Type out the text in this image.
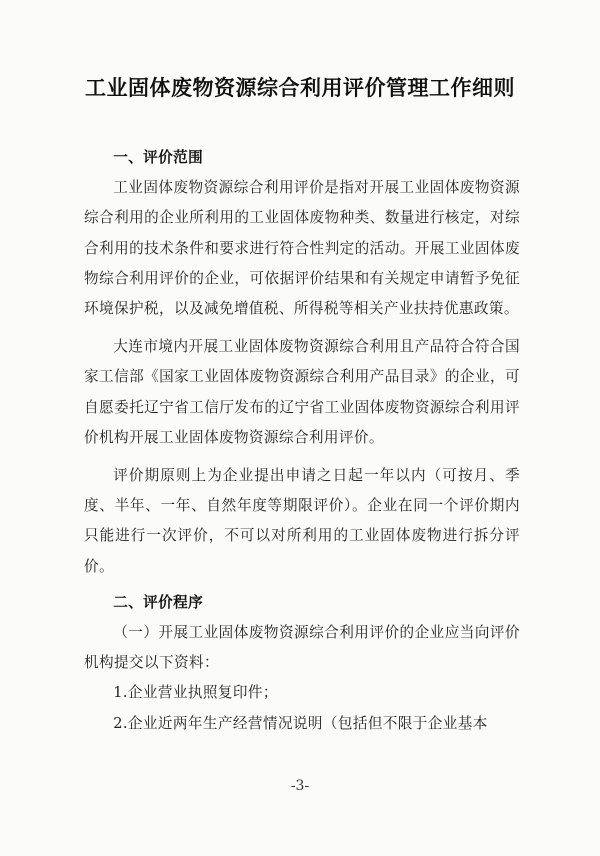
工业固体废物资源综合利用评价管理工作细则

一、评价范围

工业固体废物资源综合利用评价是指对开展工业固体废物资源综合利用的企业所利用的工业固体废物种类、数量进行核定，对综合利用的技术条件和要求进行符合性判定的活动。开展工业固体废物综合利用评价的企业，可依据评价结果和有关规定申请暂予免征环境保护税，以及减免增值税、所得税等相关产业扶持优惠政策。

大连市境内开展工业固体废物资源综合利用且产品符合符合国家工信部《国家工业固体废物资源综合利用产品目录》的企业，可自愿委托辽宁省工信厅发布的辽宁省工业固体废物资源综合利用评价机构开展工业固体废物资源综合利用评价。

评价期原则上为企业提出申请之日起一年以内（可按月、季度、半年、一年、自然年度等期限评价）。企业在同一个评价期内只能进行一次评价，不可以对所利用的工业固体废物进行拆分评价。

二、评价程序

（一）开展工业固体废物资源综合利用评价的企业应当向评价机构提交以下资料：

1.企业营业执照复印件；

2.企业近两年生产经营情况说明（包括但不限于企业基本

-3-
